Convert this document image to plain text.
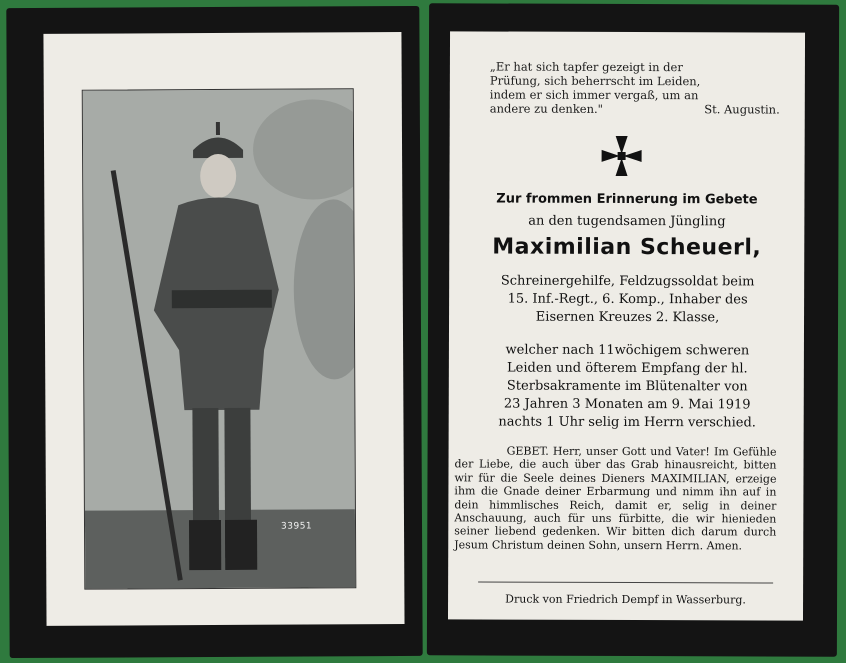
33951
„Er hat sich tapfer gezeigt in der
Prüfung, sich beherrscht im Leiden,
indem er sich immer vergaß, um an
andere zu denken."	St. Augustin.
Zur frommen Erinnerung im Gebete
an den tugendsamen Jüngling
Maximilian Scheuerl,
Schreinergehilfe, Feldzugssoldat beim
15. Inf.-Regt., 6. Komp., Inhaber des
Eisernen Kreuzes 2. Klasse,
welcher nach 11wöchigem schweren
Leiden und öfterem Empfang der hl.
Sterbsakramente im Blütenalter von
23 Jahren 3 Monaten am 9. Mai 1919
nachts 1 Uhr selig im Herrn verschied.
GEBET. Herr, unser Gott und Vater! Im Gefühle der Liebe, die auch über das Grab hinausreicht, bitten wir für die Seele deines Dieners MAXIMILIAN, erzeige ihm die Gnade deiner Erbarmung und nimm ihn auf in dein himmlisches Reich, damit er, selig in deiner Anschauung, auch für uns fürbitte, die wir hienieden seiner liebend gedenken. Wir bitten dich darum durch Jesum Christum deinen Sohn, unsern Herrn. Amen.
Druck von Friedrich Dempf in Wasserburg.
